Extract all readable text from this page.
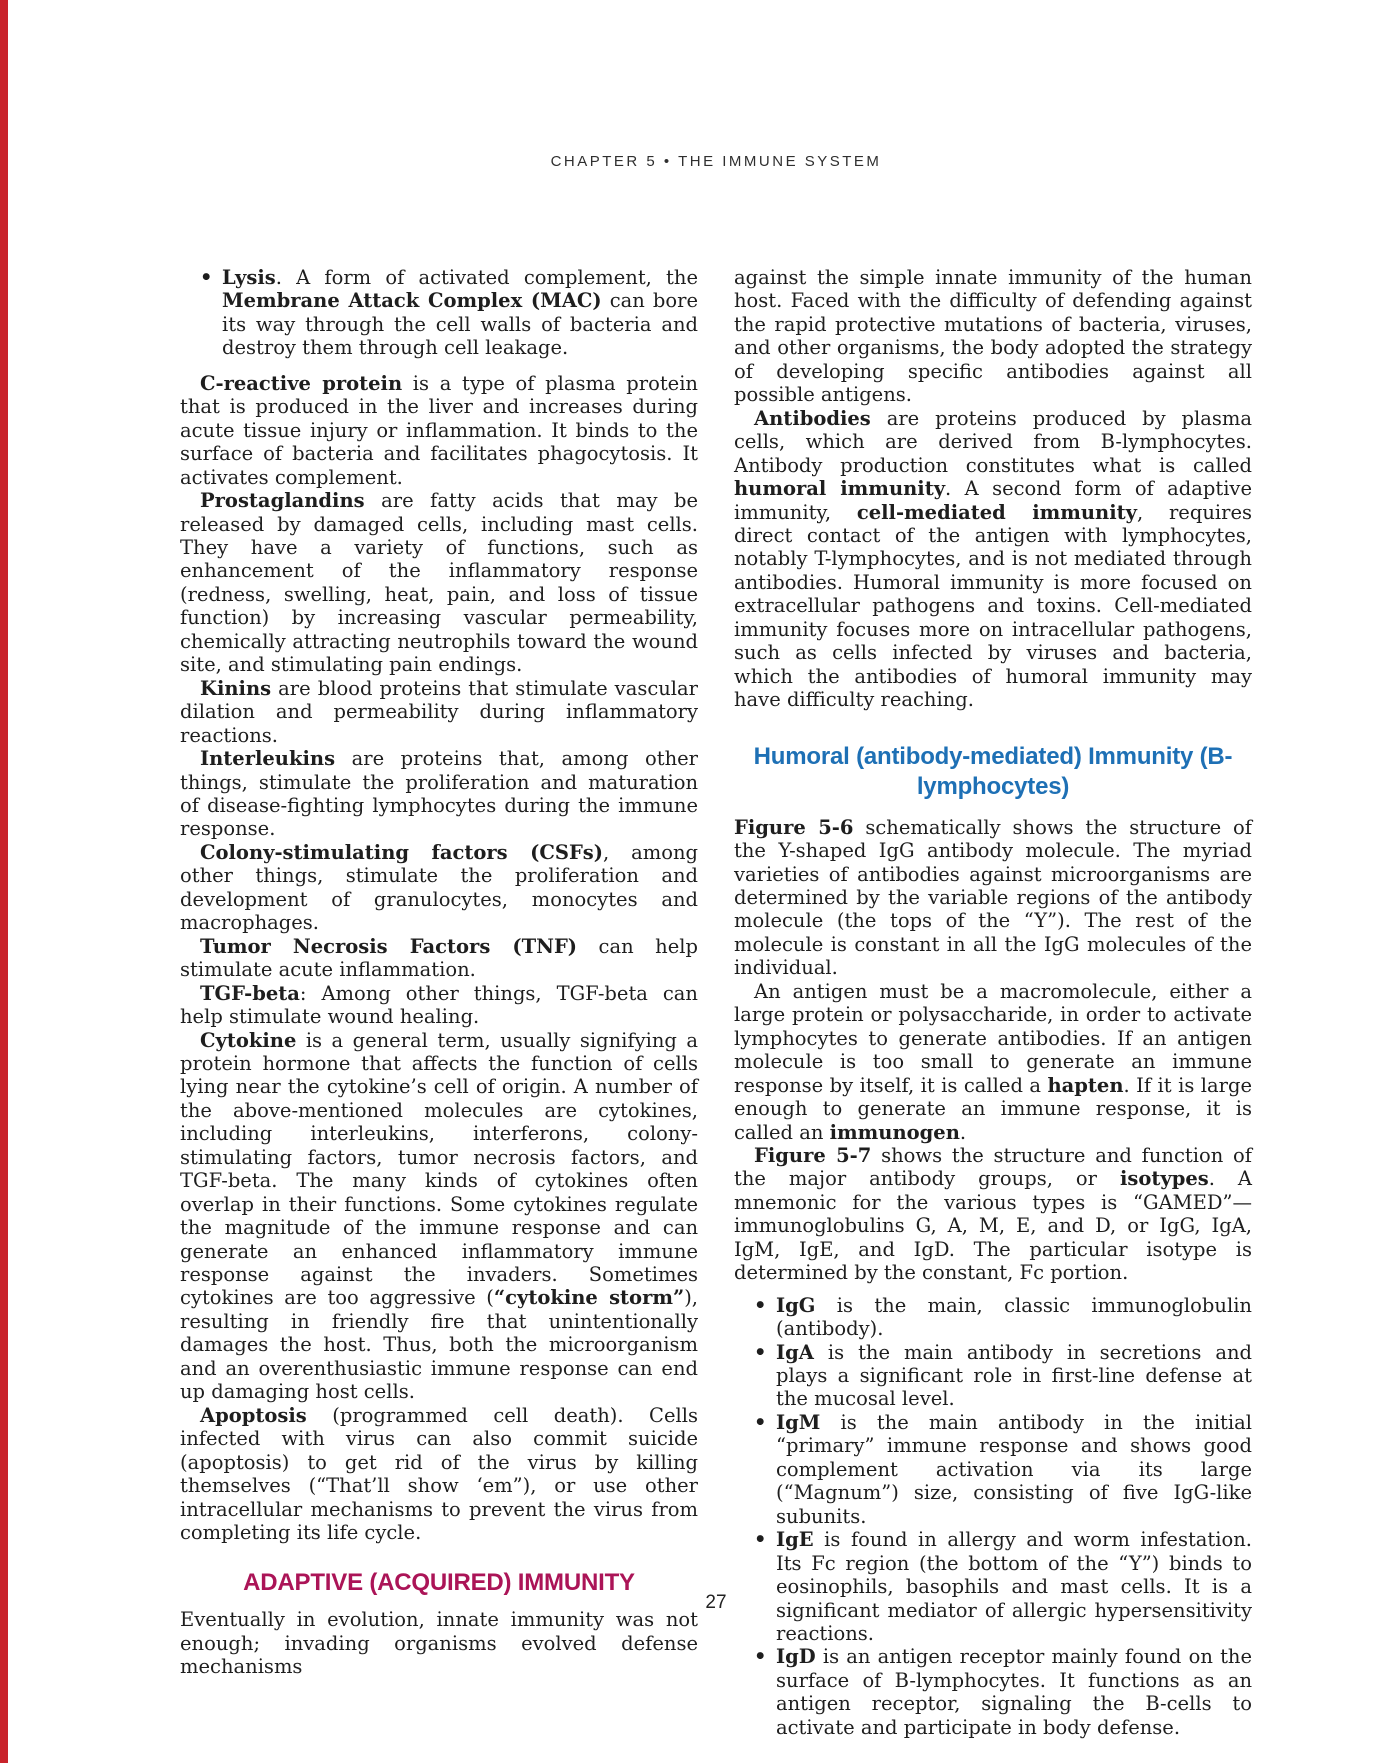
CHAPTER 5 • THE IMMUNE SYSTEM
• Lysis. A form of activated complement, the Membrane Attack Complex (MAC) can bore its way through the cell walls of bacteria and destroy them through cell leakage.

C-reactive protein is a type of plasma protein that is produced in the liver and increases during acute tissue injury or inflammation. It binds to the surface of bacteria and facilitates phagocytosis. It activates complement.

Prostaglandins are fatty acids that may be released by damaged cells, including mast cells. They have a variety of functions, such as enhancement of the inflammatory response (redness, swelling, heat, pain, and loss of tissue function) by increasing vascular permeability, chemically attracting neutrophils toward the wound site, and stimulating pain endings.

Kinins are blood proteins that stimulate vascular dilation and permeability during inflammatory reactions.

Interleukins are proteins that, among other things, stimulate the proliferation and maturation of disease-fighting lymphocytes during the immune response.

Colony-stimulating factors (CSFs), among other things, stimulate the proliferation and development of granulocytes, monocytes and macrophages.

Tumor Necrosis Factors (TNF) can help stimulate acute inflammation.

TGF-beta: Among other things, TGF-beta can help stimulate wound healing.

Cytokine is a general term, usually signifying a protein hormone that affects the function of cells lying near the cytokine’s cell of origin. A number of the above-mentioned molecules are cytokines, including interleukins, interferons, colony-stimulating factors, tumor necrosis factors, and TGF-beta. The many kinds of cytokines often overlap in their functions. Some cytokines regulate the magnitude of the immune response and can generate an enhanced inflammatory immune response against the invaders. Sometimes cytokines are too aggressive (“cytokine storm”), resulting in friendly fire that unintentionally damages the host. Thus, both the microorganism and an overenthusiastic immune response can end up damaging host cells.

Apoptosis (programmed cell death). Cells infected with virus can also commit suicide (apoptosis) to get rid of the virus by killing themselves (“That’ll show ‘em”), or use other intracellular mechanisms to prevent the virus from completing its life cycle.

ADAPTIVE (ACQUIRED) IMMUNITY

Eventually in evolution, innate immunity was not enough; invading organisms evolved defense mechanisms

against the simple innate immunity of the human host. Faced with the difficulty of defending against the rapid protective mutations of bacteria, viruses, and other organisms, the body adopted the strategy of developing specific antibodies against all possible antigens.

Antibodies are proteins produced by plasma cells, which are derived from B-lymphocytes. Antibody production constitutes what is called humoral immunity. A second form of adaptive immunity, cell-mediated immunity, requires direct contact of the antigen with lymphocytes, notably T-lymphocytes, and is not mediated through antibodies. Humoral immunity is more focused on extracellular pathogens and toxins. Cell-mediated immunity focuses more on intracellular pathogens, such as cells infected by viruses and bacteria, which the antibodies of humoral immunity may have difficulty reaching.

Humoral (antibody-mediated) Immunity (B-lymphocytes)

Figure 5-6 schematically shows the structure of the Y-shaped IgG antibody molecule. The myriad varieties of antibodies against microorganisms are determined by the variable regions of the antibody molecule (the tops of the “Y”). The rest of the molecule is constant in all the IgG molecules of the individual.

An antigen must be a macromolecule, either a large protein or polysaccharide, in order to activate lymphocytes to generate antibodies. If an antigen molecule is too small to generate an immune response by itself, it is called a hapten. If it is large enough to generate an immune response, it is called an immunogen.

Figure 5-7 shows the structure and function of the major antibody groups, or isotypes. A mnemonic for the various types is “GAMED”—immunoglobulins G, A, M, E, and D, or IgG, IgA, IgM, IgE, and IgD. The particular isotype is determined by the constant, Fc portion.

• IgG is the main, classic immunoglobulin (antibody).
• IgA is the main antibody in secretions and plays a significant role in first-line defense at the mucosal level.
• IgM is the main antibody in the initial “primary” immune response and shows good complement activation via its large (“Magnum”) size, consisting of five IgG-like subunits.
• IgE is found in allergy and worm infestation. Its Fc region (the bottom of the “Y”) binds to eosinophils, basophils and mast cells. It is a significant mediator of allergic hypersensitivity reactions.
• IgD is an antigen receptor mainly found on the surface of B-lymphocytes. It functions as an antigen receptor, signaling the B-cells to activate and participate in body defense.
27
